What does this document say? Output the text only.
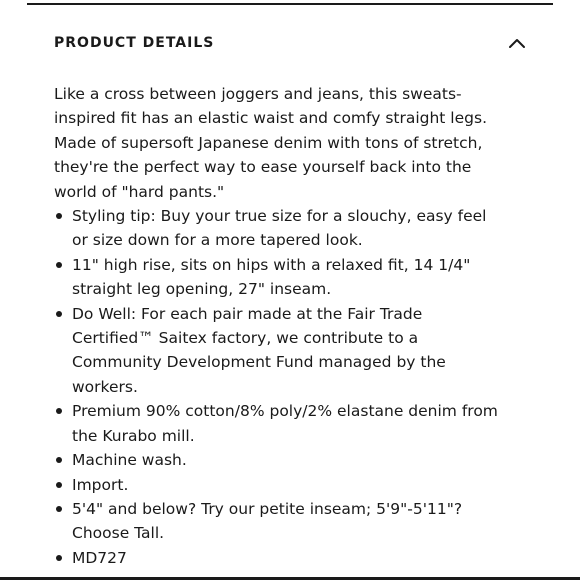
PRODUCT DETAILS

Like a cross between joggers and jeans, this sweats-inspired fit has an elastic waist and comfy straight legs. Made of supersoft Japanese denim with tons of stretch, they're the perfect way to ease yourself back into the world of "hard pants."

Styling tip: Buy your true size for a slouchy, easy feel or size down for a more tapered look.
11" high rise, sits on hips with a relaxed fit, 14 1/4" straight leg opening, 27" inseam.
Do Well: For each pair made at the Fair Trade Certified™ Saitex factory, we contribute to a Community Development Fund managed by the workers.
Premium 90% cotton/8% poly/2% elastane denim from the Kurabo mill.
Machine wash.
Import.
5'4" and below? Try our petite inseam; 5'9"-5'11"? Choose Tall.
MD727
